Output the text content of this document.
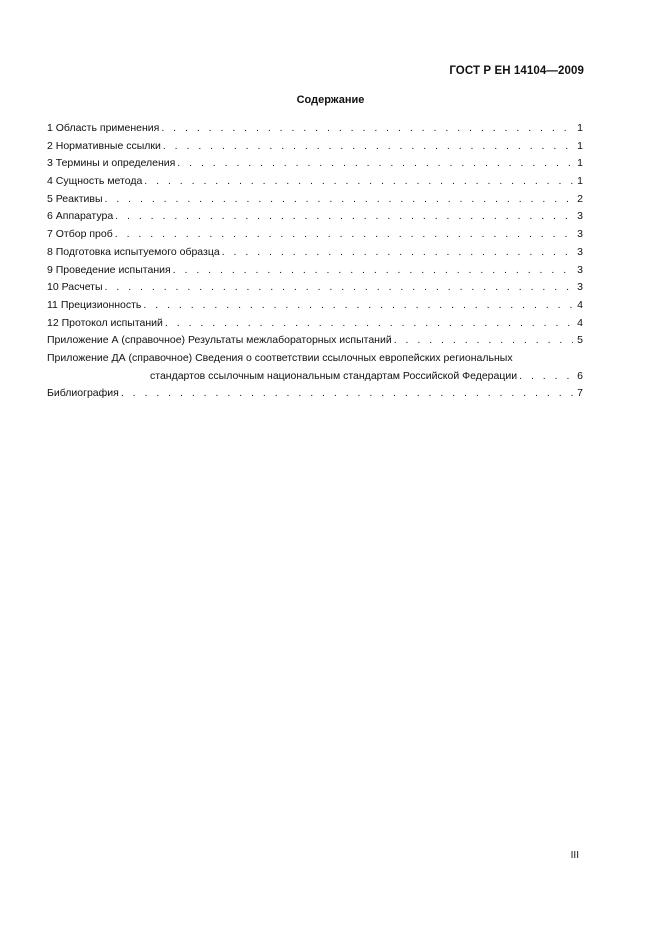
ГОСТ Р ЕН 14104—2009
Содержание
1 Область применения . . .	1
2 Нормативные ссылки . . .	1
3 Термины и определения . . .	1
4 Сущность метода . . .	1
5 Реактивы . . .	2
6 Аппаратура . . .	3
7 Отбор проб . . .	3
8 Подготовка испытуемого образца . . .	3
9 Проведение испытания . . .	3
10 Расчеты . . .	3
11 Прецизионность . . .	4
12 Протокол испытаний . . .	4
Приложение А (справочное) Результаты межлабораторных испытаний . . .	5
Приложение ДА (справочное) Сведения о соответствии ссылочных европейских региональных
стандартов ссылочным национальным стандартам Российской Федерации . . .	6
Библиография . . .	7
III
